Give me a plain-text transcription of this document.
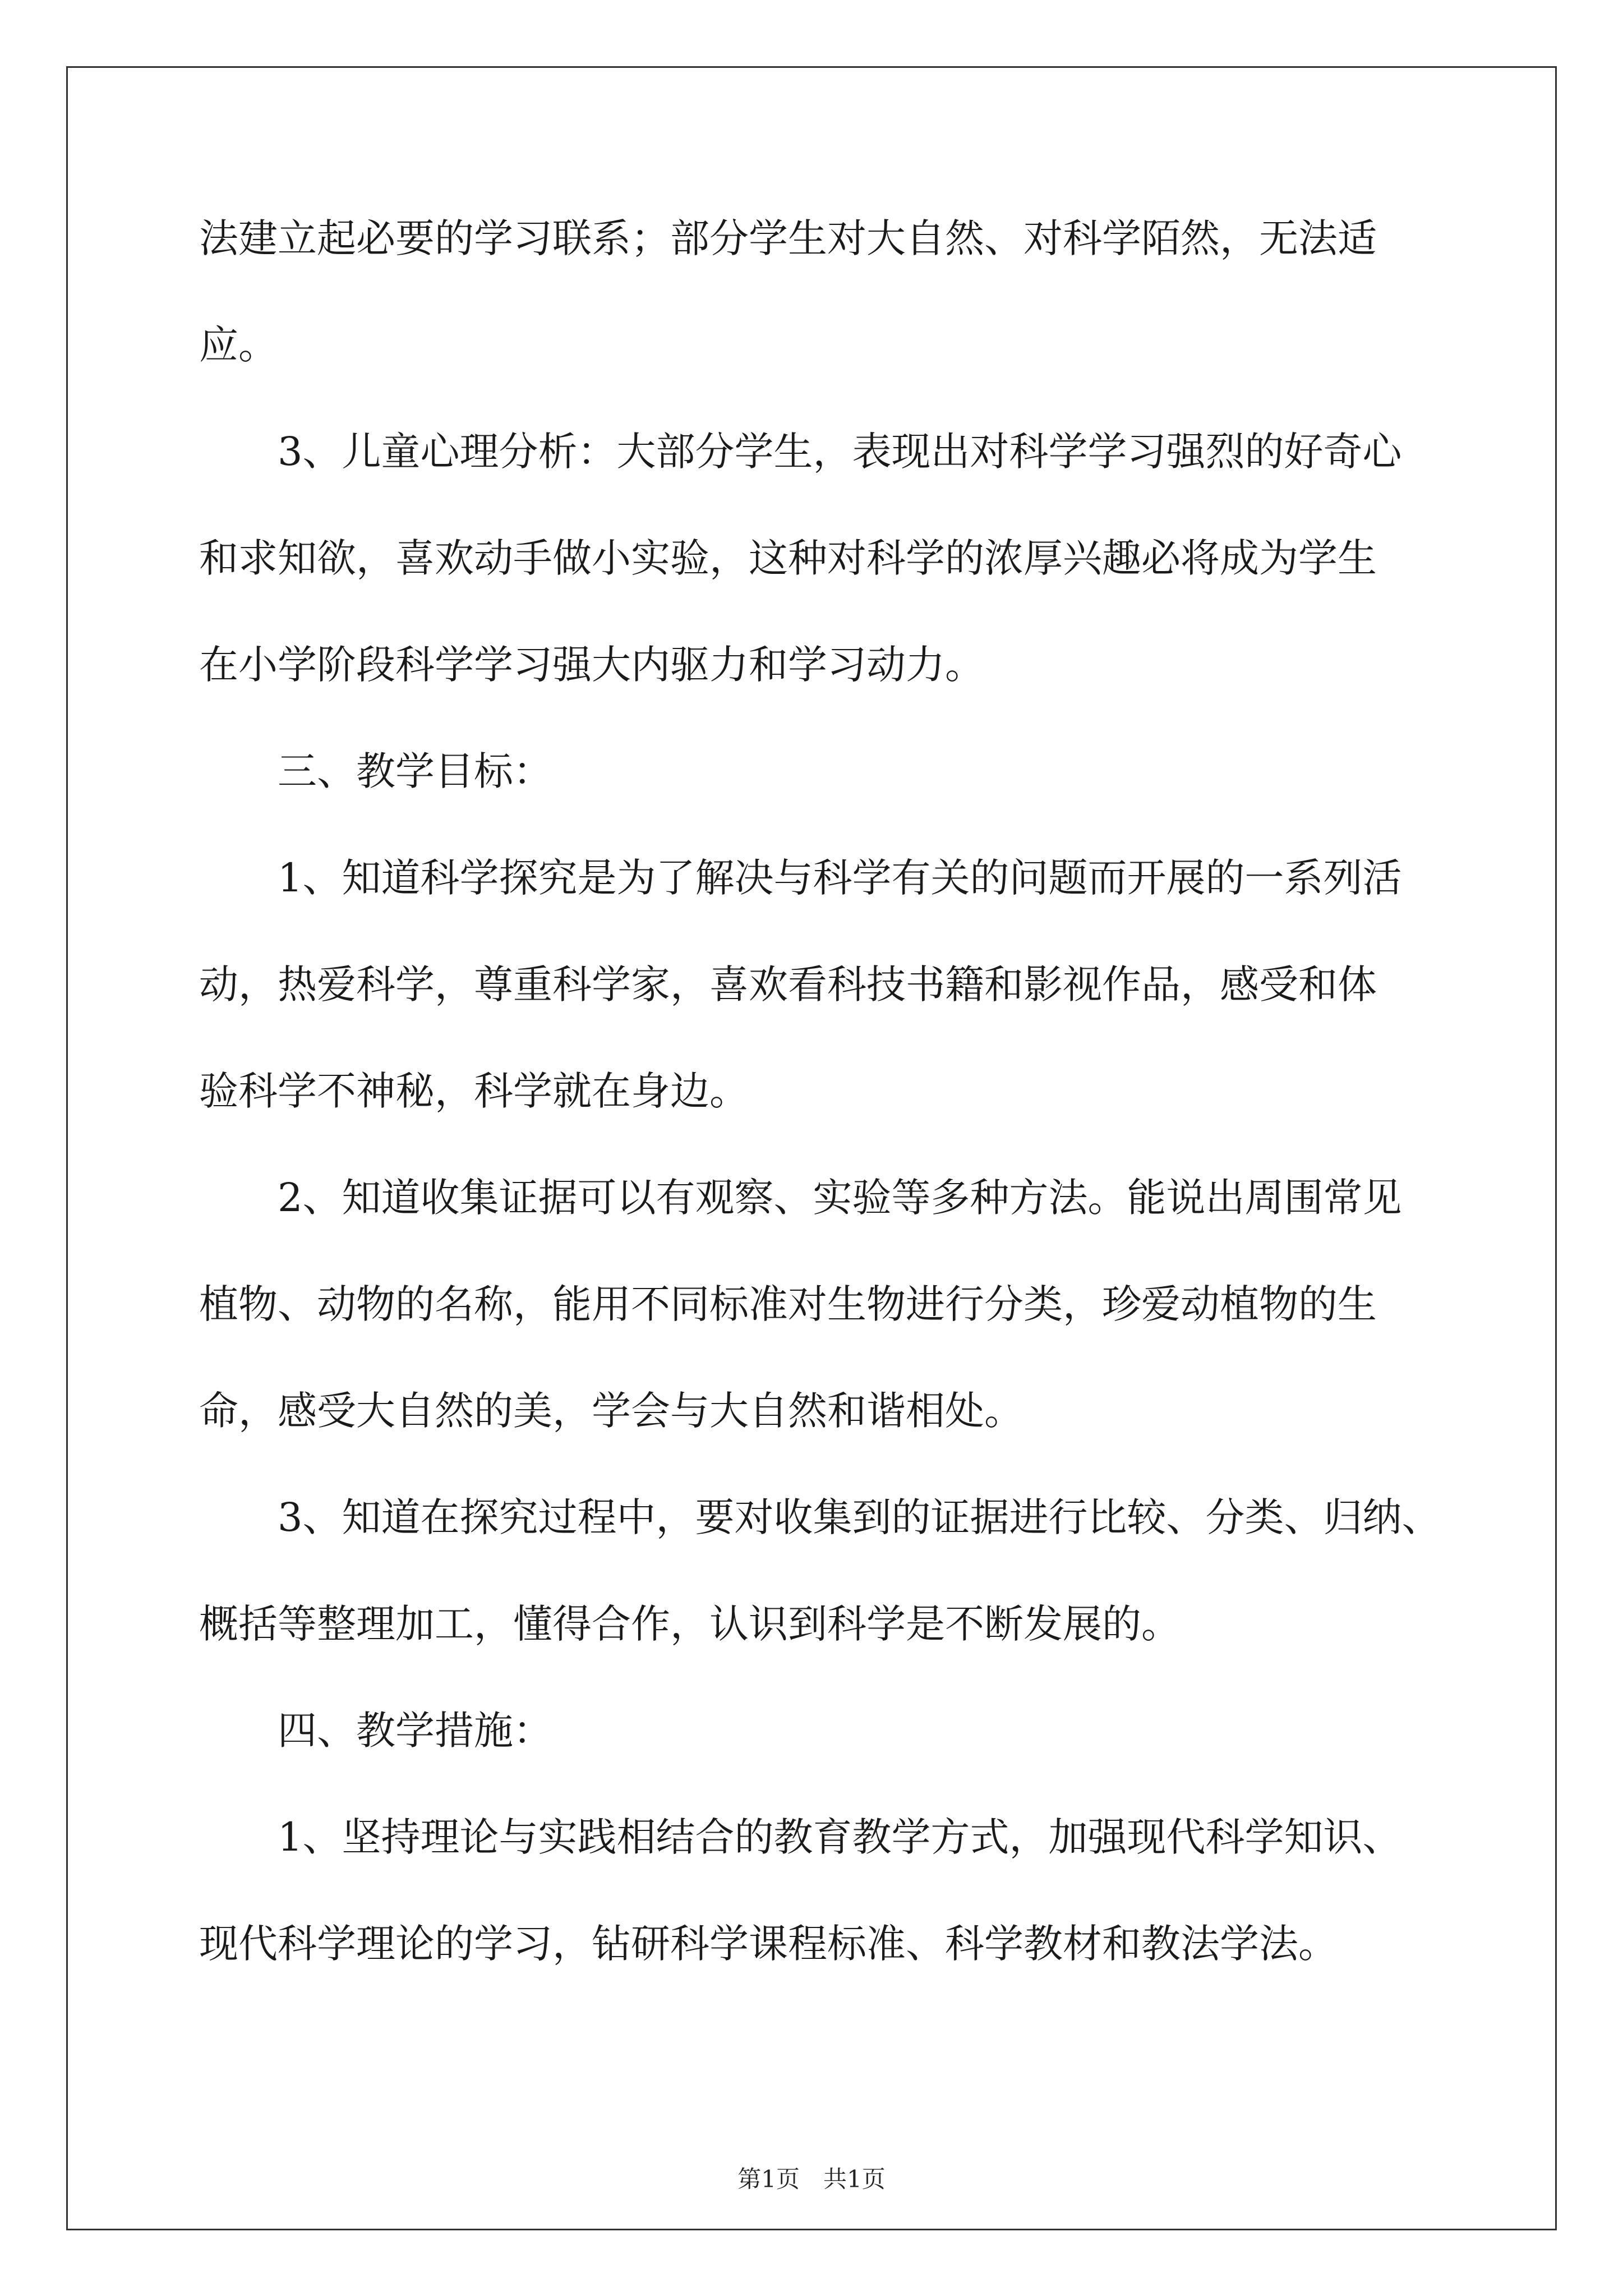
法建立起必要的学习联系；部分学生对大自然、对科学陌然，无法适
应。
　　3、儿童心理分析：大部分学生，表现出对科学学习强烈的好奇心
和求知欲，喜欢动手做小实验，这种对科学的浓厚兴趣必将成为学生
在小学阶段科学学习强大内驱力和学习动力。
　　三、教学目标：
　　1、知道科学探究是为了解决与科学有关的问题而开展的一系列活
动，热爱科学，尊重科学家，喜欢看科技书籍和影视作品，感受和体
验科学不神秘，科学就在身边。
　　2、知道收集证据可以有观察、实验等多种方法。能说出周围常见
植物、动物的名称，能用不同标准对生物进行分类，珍爱动植物的生
命，感受大自然的美，学会与大自然和谐相处。
　　3、知道在探究过程中，要对收集到的证据进行比较、分类、归纳、
概括等整理加工，懂得合作，认识到科学是不断发展的。
　　四、教学措施：
　　1、坚持理论与实践相结合的教育教学方式，加强现代科学知识、
现代科学理论的学习，钻研科学课程标准、科学教材和教法学法。
第1页　共1页
